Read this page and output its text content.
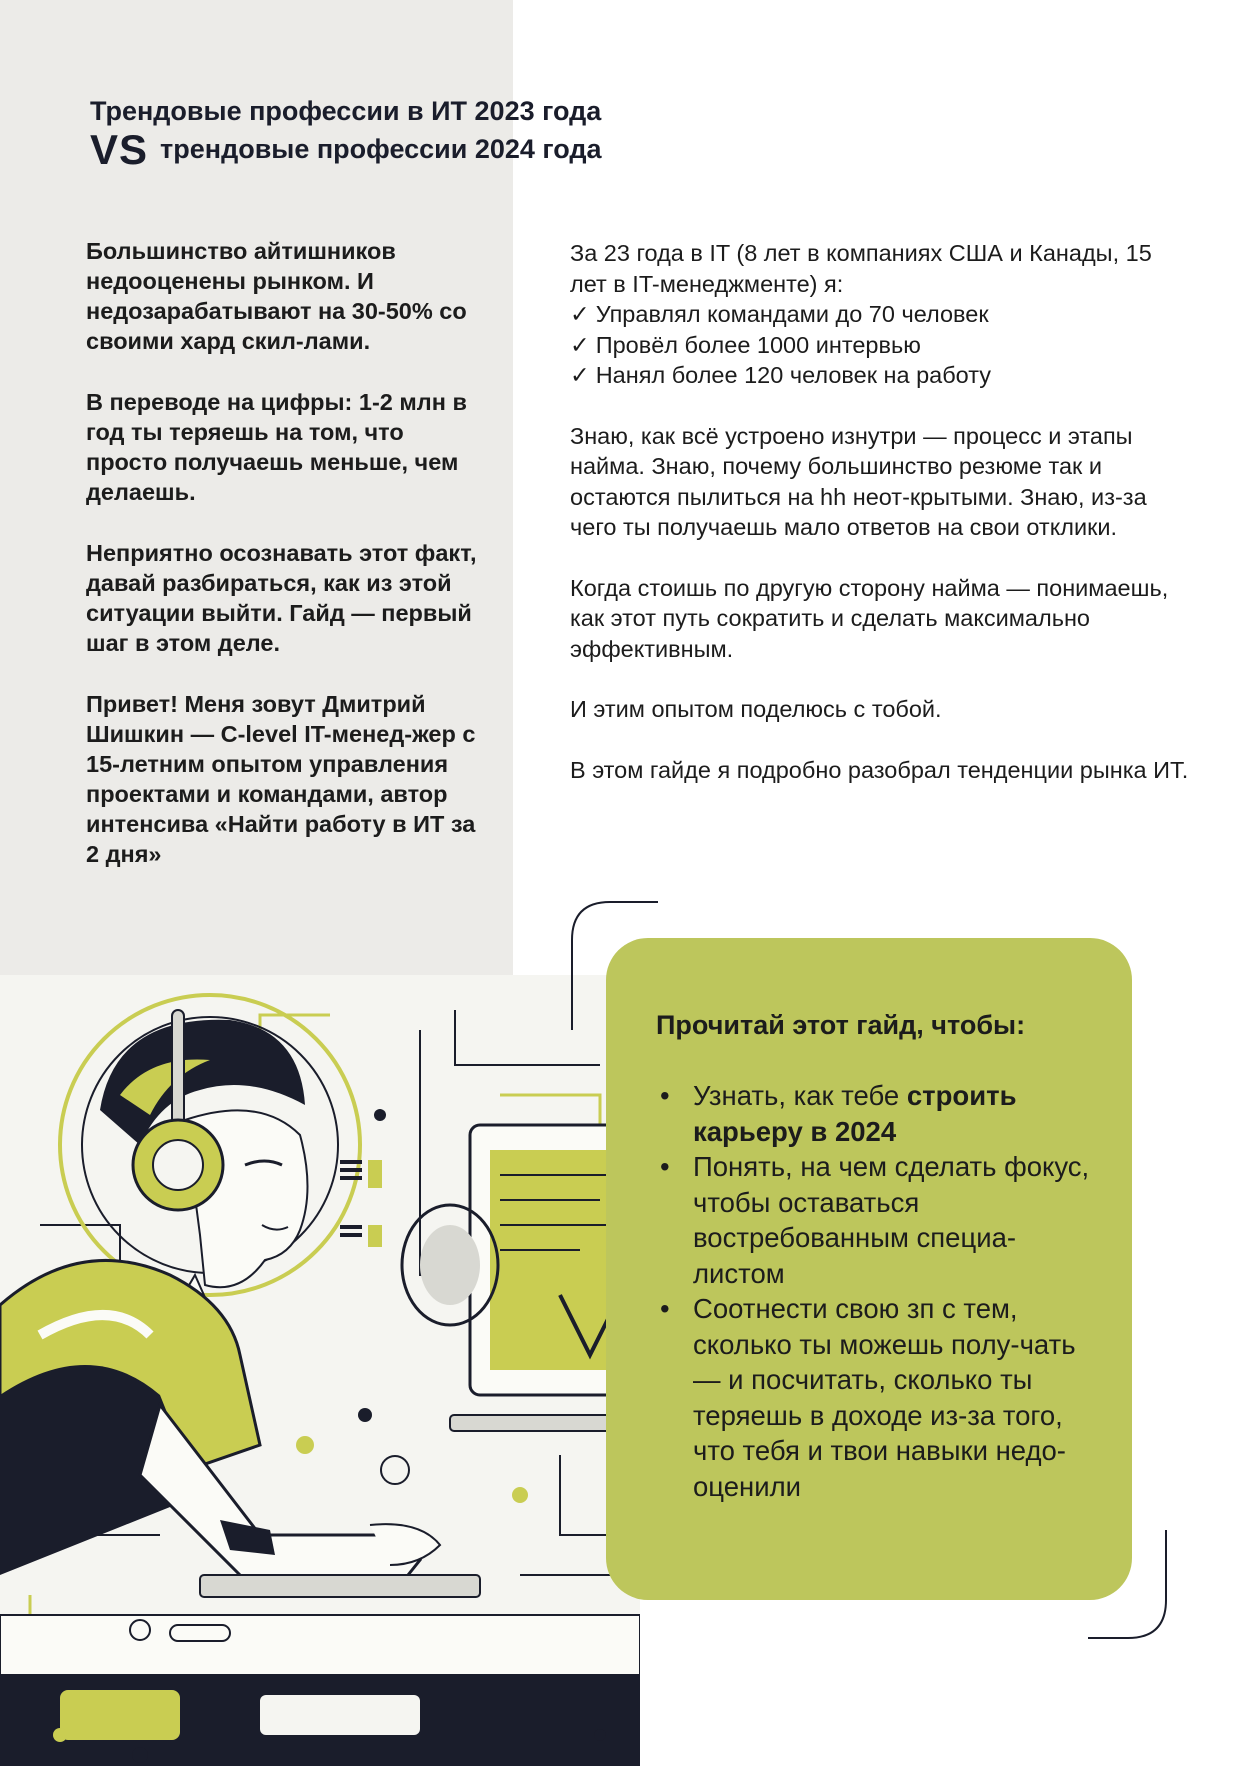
Трендовые профессии в ИТ 2023 года
VS трендовые профессии 2024 года

Большинство айтишников недооценены рынком. И недозарабатывают на 30-50% со своими хард скил-лами.

В переводе на цифры: 1-2 млн в год ты теряешь на том, что просто получаешь меньше, чем делаешь.

Неприятно осознавать этот факт, давай разбираться, как из этой ситуации выйти. Гайд — первый шаг в этом деле.

Привет! Меня зовут Дмитрий Шишкин — C-level IT-менед-жер с 15-летним опытом управления проектами и командами, автор интенсива «Найти работу в ИТ за 2 дня»

За 23 года в IT (8 лет в компаниях США и Канады, 15 лет в IT-менеджменте) я:
✓ Управлял командами до 70 человек
✓ Провёл более 1000 интервью
✓ Нанял более 120 человек на работу

Знаю, как всё устроено изнутри — процесс и этапы найма. Знаю, почему большинство резюме так и остаются пылиться на hh неот-крытыми. Знаю, из-за чего ты получаешь мало ответов на свои отклики.

Когда стоишь по другую сторону найма — понимаешь, как этот путь сократить и сделать максимально эффективным.

И этим опытом поделюсь с тобой.

В этом гайде я подробно разобрал тенденции рынка ИТ.

Прочитай этот гайд, чтобы:
• Узнать, как тебе строить карьеру в 2024
• Понять, на чем сделать фокус, чтобы оставаться востребованным специа-листом
• Соотнести свою зп с тем, сколько ты можешь полу-чать — и посчитать, сколько ты теряешь в доходе из-за того, что тебя и твои навыки недо-оценили
